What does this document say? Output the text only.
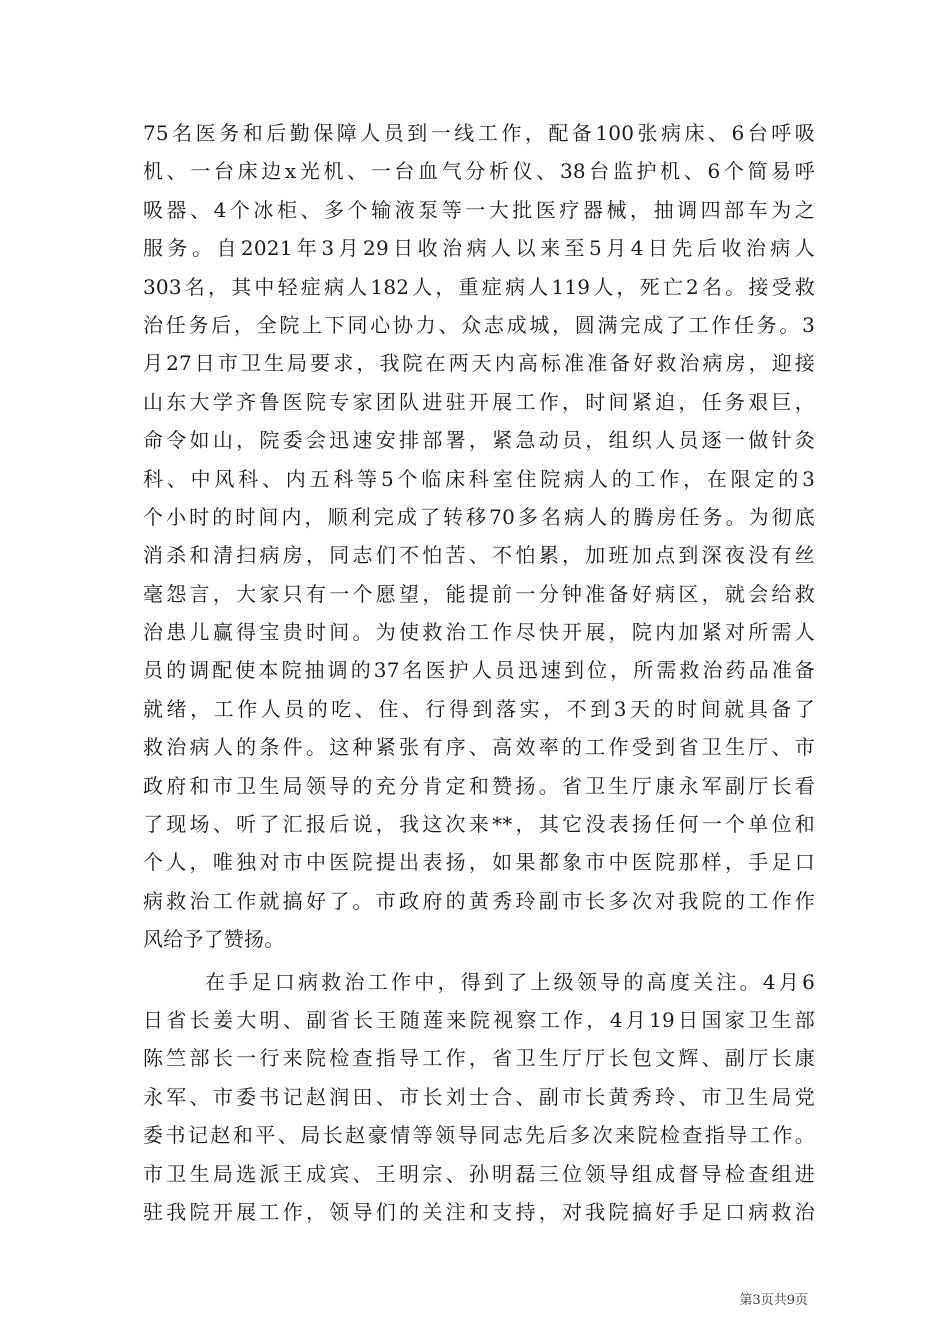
75名医务和后勤保障人员到一线工作，配备100张病床、6台呼吸
机、一台床边x光机、一台血气分析仪、38台监护机、6个简易呼
吸器、4个冰柜、多个输液泵等一大批医疗器械，抽调四部车为之
服务。自2021年3月29日收治病人以来至5月4日先后收治病人
303名，其中轻症病人182人，重症病人119人，死亡2名。接受救
治任务后，全院上下同心协力、众志成城，圆满完成了工作任务。3
月27日市卫生局要求，我院在两天内高标准准备好救治病房，迎接
山东大学齐鲁医院专家团队进驻开展工作，时间紧迫，任务艰巨，
命令如山，院委会迅速安排部署，紧急动员，组织人员逐一做针灸
科、中风科、内五科等5个临床科室住院病人的工作，在限定的3
个小时的时间内，顺利完成了转移70多名病人的腾房任务。为彻底
消杀和清扫病房，同志们不怕苦、不怕累，加班加点到深夜没有丝
毫怨言，大家只有一个愿望，能提前一分钟准备好病区，就会给救
治患儿赢得宝贵时间。为使救治工作尽快开展，院内加紧对所需人
员的调配使本院抽调的37名医护人员迅速到位，所需救治药品准备
就绪，工作人员的吃、住、行得到落实，不到3天的时间就具备了
救治病人的条件。这种紧张有序、高效率的工作受到省卫生厅、市
政府和市卫生局领导的充分肯定和赞扬。省卫生厅康永军副厅长看
了现场、听了汇报后说，我这次来**，其它没表扬任何一个单位和
个人，唯独对市中医院提出表扬，如果都象市中医院那样，手足口
病救治工作就搞好了。市政府的黄秀玲副市长多次对我院的工作作
风给予了赞扬。
在手足口病救治工作中，得到了上级领导的高度关注。4月6
日省长姜大明、副省长王随莲来院视察工作，4月19日国家卫生部
陈竺部长一行来院检查指导工作，省卫生厅厅长包文辉、副厅长康
永军、市委书记赵润田、市长刘士合、副市长黄秀玲、市卫生局党
委书记赵和平、局长赵豪情等领导同志先后多次来院检查指导工作。
市卫生局选派王成宾、王明宗、孙明磊三位领导组成督导检查组进
驻我院开展工作，领导们的关注和支持，对我院搞好手足口病救治
第3页共9页
